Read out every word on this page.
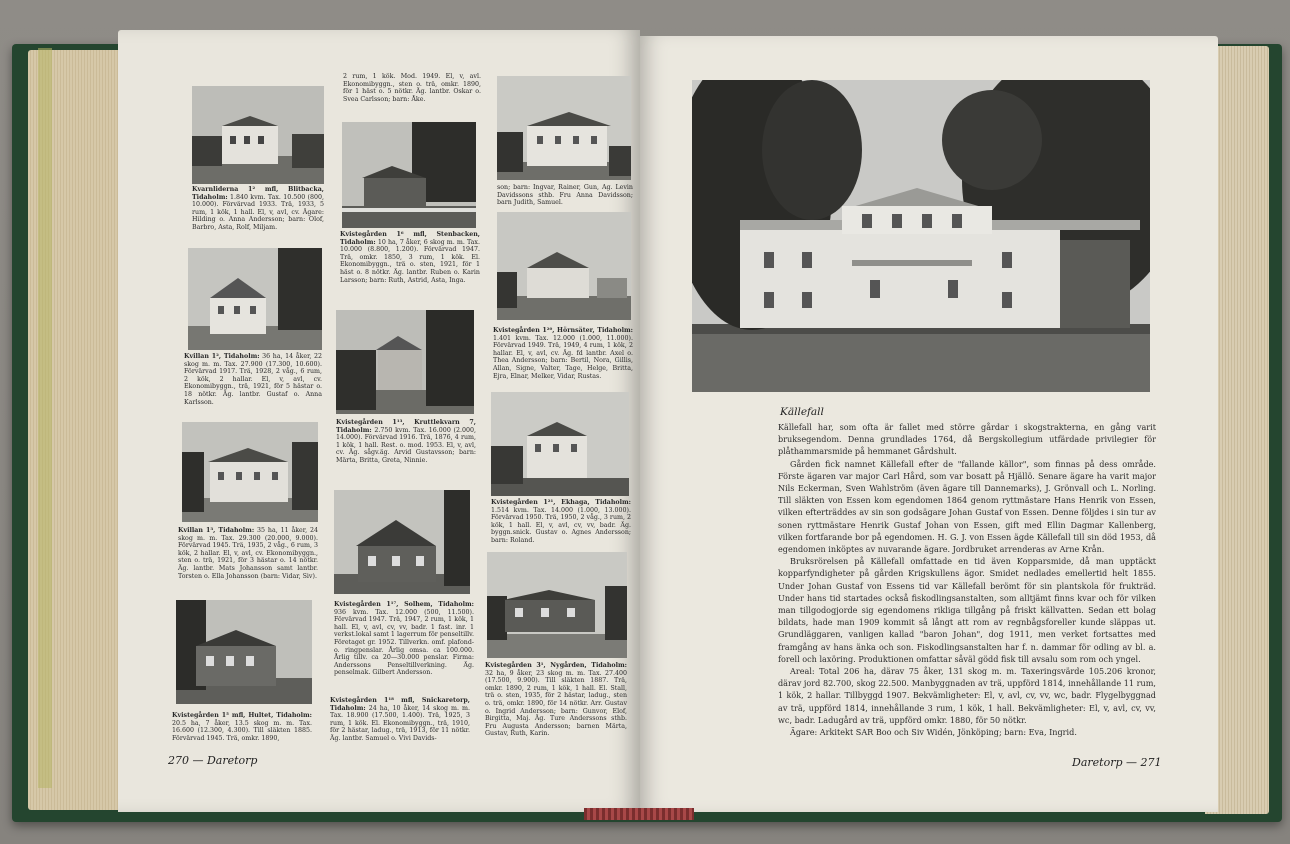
Kvarnliderna 1² mfl, Blitbacka, Tidaholm: 1.840 kvm. Tax. 10.500 (800, 10.000). Förvärvad 1933. Trä, 1933, 5 rum, 1 kök, 1 hall. El, v, avl, cv. Ägare: Hilding o. Anna Andersson; barn: Olof, Barbro, Asta, Rolf, Miljam.
Kvillan 1², Tidaholm: 36 ha, 14 åker, 22 skog m. m. Tax. 27.900 (17.300, 10.600). Förvärvad 1917. Trä, 1928, 2 våg., 6 rum, 2 kök, 2 hallar. El, v, avl, cv. Ekonomibyggn., trä, 1921, för 5 hästar o. 18 nötkr. Äg. lantbr. Gustaf o. Anna Karlsson.
Kvillan 1³, Tidaholm: 35 ha, 11 åker, 24 skog m. m. Tax. 29.300 (20.000, 9.000). Förvärvad 1945. Trä, 1935, 2 våg., 6 rum, 3 kök, 2 hallar. El, v, avl, cv. Ekonomibyggn., sten o. trä, 1921, för 3 hästar o. 14 nötkr. Äg. lantbr. Mats Johansson samt lantbr. Torsten o. Ella Johansson (barn: Vidar, Siv).
Kvistegården 1⁵ mfl, Hultet, Tidaholm: 20.5 ha, 7 åker, 13.5 skog m. m. Tax. 16.600 (12.300, 4.300). Till släkten 1885. Förvärvad 1945. Trä, omkr. 1890,
2 rum, 1 kök. Mod. 1949. El, v, avl. Ekonomibyggn., sten o. trä, omkr. 1890, för 1 häst o. 5 nötkr. Äg. lantbr. Oskar o. Svea Carlsson; barn: Åke.
Kvistegården 1⁶ mfl, Stenbacken, Tidaholm: 10 ha, 7 åker, 6 skog m. m. Tax. 10.000 (8.800, 1.200). Förvärvad 1947. Trä, omkr. 1850, 3 rum, 1 kök. El. Ekonomibyggn., trä o. sten, 1921, för 1 häst o. 8 nötkr. Äg. lantbr. Ruben o. Karin Larsson; barn: Ruth, Astrid, Asta, Inga.
Kvistegården 1¹³, Kruttlekvarn 7, Tidaholm: 2.750 kvm. Tax. 16.000 (2.000, 14.000). Förvärvad 1916. Trä, 1876, 4 rum, 1 kök, 1 hall. Rest. o. mod. 1953. El, v, avl, cv. Äg. sågv.äg. Arvid Gustavsson; barn: Märta, Britta, Greta, Ninnie.
Kvistegården 1¹⁷, Solhem, Tidaholm: 936 kvm. Tax. 12.000 (500, 11.500). Förvärvad 1947. Trä, 1947, 2 rum, 1 kök, 1 hall. El, v, avl, cv, vv, badr. 1 fast. inr. 1 verkst.lokal samt 1 lagerrum för penseltillv. Företaget gr. 1952. Tillverkn. omf. plafond- o. ringpenslar. Årlig omsa. ca 100.000. Årlig tillv. ca 20—30.000 penslar. Firma: Anderssons Penseltillverkning. Äg. penselmak. Gilbert Andersson.
Kvistegården 1¹⁸ mfl, Snickaretorp, Tidaholm: 24 ha, 10 åker, 14 skog m. m. Tax. 18.900 (17.500, 1.400). Trä, 1925, 3 rum, 1 kök. El. Ekonomibyggn., trä, 1910, för 2 hästar, ladug., trä, 1913, för 11 nötkr. Äg. lantbr. Samuel o. Vivi Davids-
son; barn: Ingvar, Rainer, Gun, Ag. Levin Davidssons sthb. Fru Anna Davidsson; barn Judith, Samuel.
Kvistegården 1²⁰, Hörnsäter, Tidaholm: 1.401 kvm. Tax. 12.000 (1.000, 11.000). Förvärvad 1949. Trä, 1949, 4 rum, 1 kök, 2 hallar. El, v, avl, cv. Äg. fd lantbr. Axel o. Thea Andersson; barn: Bertil, Nora, Gillis, Allan, Signe, Valter, Tage, Helge, Britta, Ejra, Elnar, Melker, Vidar, Rustas.
Kvistegården 1²¹, Ekhaga, Tidaholm: 1.514 kvm. Tax. 14.000 (1.000, 13.000). Förvärvad 1950. Trä, 1950, 2 våg., 3 rum, 2 kök, 1 hall. El, v, avl, cv, vv, badr. Äg. byggn.snick. Gustav o. Agnes Andersson; barn: Roland.
Kvistegården 3¹, Nygården, Tidaholm: 32 ha, 9 åker, 23 skog m. m. Tax. 27.400 (17.500, 9.900). Till släkten 1887. Trä, omkr. 1890, 2 rum, 1 kök, 1 hall. El. Stall, trä o. sten, 1935, för 2 hästar, ladug., sten o. trä, omkr. 1890, för 14 nötkr. Arr. Gustav o. Ingrid Andersson; barn: Gunvor, Elof, Birgitta, Maj. Äg. Ture Anderssons sthb. Fru Augusta Andersson; barnen Märta, Gustav, Ruth, Karin.
270 — Daretorp
Källefall

Källefall har, som ofta är fallet med större gårdar i skogstrakterna, en gång varit bruksegendom. Denna grundlades 1764, då Bergskollegium utfärdade privilegier för plåthammarsmide på hemmanet Gårdshult.

Gården fick namnet Källefall efter de "fallande källor", som finnas på dess område. Förste ägaren var major Carl Hård, som var bosatt på Hjällö. Senare ägare ha varit major Nils Eckerman, Sven Wahlström (även ägare till Dannemarks), J. Grönvall och L. Norling. Till släkten von Essen kom egendomen 1864 genom ryttmästare Hans Henrik von Essen, vilken efterträddes av sin son godsägare Johan Gustaf von Essen. Denne följdes i sin tur av sonen ryttmästare Henrik Gustaf Johan von Essen, gift med Ellin Dagmar Kallenberg, vilken fortfarande bor på egendomen. H. G. J. von Essen ägde Källefall till sin död 1953, då egendomen inköptes av nuvarande ägare. Jordbruket arrenderas av Arne Krån.

Bruksrörelsen på Källefall omfattade en tid även Kopparsmide, då man upptäckt kopparfyndigheter på gården Krigskullens ägor. Smidet nedlades emellertid helt 1855. Under Johan Gustaf von Essens tid var Källefall berömt för sin plantskola för frukträd. Under hans tid startades också fiskodlingsanstalten, som alltjämt finns kvar och för vilken man tillgodogjorde sig egendomens rikliga tillgång på friskt källvatten. Sedan ett bolag bildats, hade man 1909 kommit så långt att rom av regnbågsforeller kunde släppas ut. Grundläggaren, vanligen kallad "baron Johan", dog 1911, men verket fortsattes med framgång av hans änka och son. Fiskodlingsanstalten har f. n. dammar för odling av bl. a. forell och laxöring. Produktionen omfattar såväl gödd fisk till avsalu som rom och yngel.

Areal: Total 206 ha, därav 75 åker, 131 skog m. m. Taxeringsvärde 105.206 kronor, därav jord 82.700, skog 22.500. Manbyggnaden av trä, uppförd 1814, innehållande 11 rum, 1 kök, 2 hallar. Tillbyggd 1907. Bekvämligheter: El, v, avl, cv, vv, wc, badr. Flygelbyggnad av trä, uppförd 1814, innehållande 3 rum, 1 kök, 1 hall. Bekvämligheter: El, v, avl, cv, vv, wc, badr. Ladugård av trä, uppförd omkr. 1880, för 50 nötkr.

Ägare: Arkitekt SAR Boo och Siv Widén, Jönköping; barn: Eva, Ingrid.

Daretorp — 271
